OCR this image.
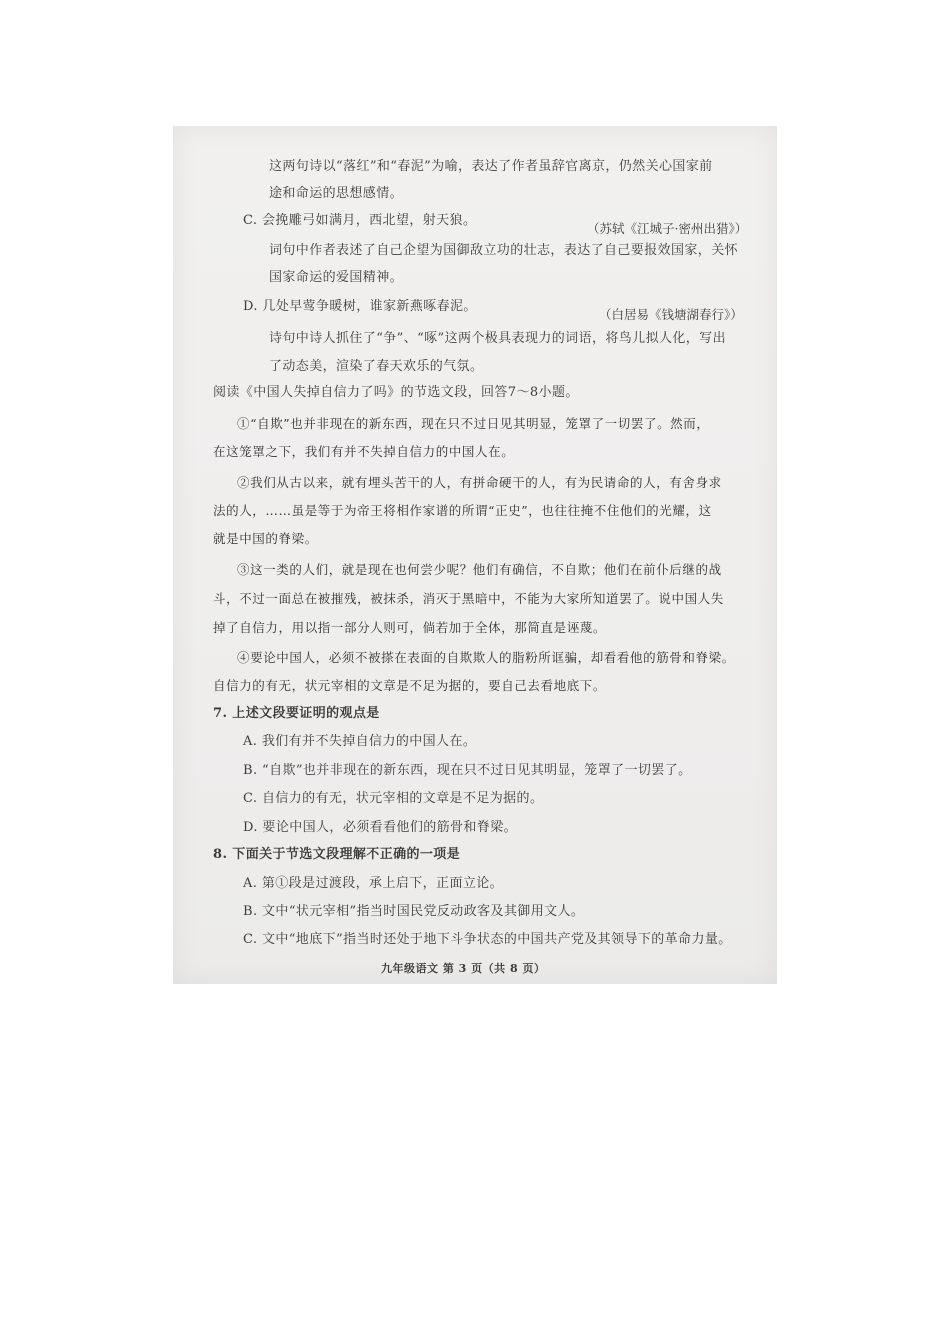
这两句诗以“落红”和“春泥”为喻，表达了作者虽辞官离京，仍然关心国家前
途和命运的思想感情。
C. 会挽雕弓如满月，西北望，射天狼。
（苏轼《江城子·密州出猎》）
词句中作者表述了自己企望为国御敌立功的壮志，表达了自己要报效国家，关怀
国家命运的爱国精神。
D. 几处早莺争暖树，谁家新燕啄春泥。
（白居易《钱塘湖春行》）
诗句中诗人抓住了“争”、“啄”这两个极具表现力的词语，将鸟儿拟人化，写出
了动态美，渲染了春天欢乐的气氛。
阅读《中国人失掉自信力了吗》的节选文段，回答7～8小题。
①“自欺”也并非现在的新东西，现在只不过日见其明显，笼罩了一切罢了。然而，
在这笼罩之下，我们有并不失掉自信力的中国人在。
②我们从古以来，就有埋头苦干的人，有拼命硬干的人，有为民请命的人，有舍身求
法的人，……虽是等于为帝王将相作家谱的所谓“正史”，也往往掩不住他们的光耀，这
就是中国的脊梁。
③这一类的人们，就是现在也何尝少呢？他们有确信，不自欺；他们在前仆后继的战
斗，不过一面总在被摧残，被抹杀，消灭于黑暗中，不能为大家所知道罢了。说中国人失
掉了自信力，用以指一部分人则可，倘若加于全体，那简直是诬蔑。
④要论中国人，必须不被搽在表面的自欺欺人的脂粉所诓骗，却看看他的筋骨和脊梁。
自信力的有无，状元宰相的文章是不足为据的，要自己去看地底下。
7. 上述文段要证明的观点是
A. 我们有并不失掉自信力的中国人在。
B. “自欺”也并非现在的新东西，现在只不过日见其明显，笼罩了一切罢了。
C. 自信力的有无，状元宰相的文章是不足为据的。
D. 要论中国人，必须看看他们的筋骨和脊梁。
8. 下面关于节选文段理解不正确的一项是
A. 第①段是过渡段，承上启下，正面立论。
B. 文中“状元宰相”指当时国民党反动政客及其御用文人。
C. 文中“地底下”指当时还处于地下斗争状态的中国共产党及其领导下的革命力量。
九年级语文 第 3 页（共 8 页）
